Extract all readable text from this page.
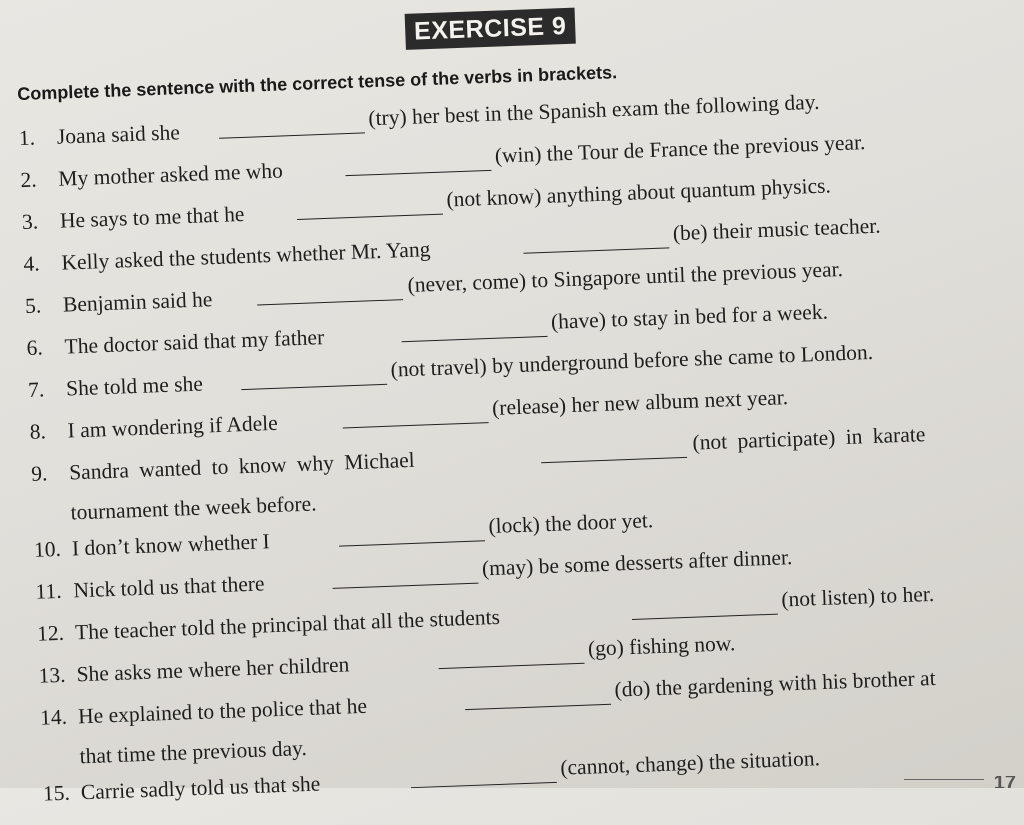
EXERCISE 9
Complete the sentence with the correct tense of the verbs in brackets.
1. Joana said she
(try) her best in the Spanish exam the following day.
2. My mother asked me who
(win) the Tour de France the previous year.
3. He says to me that he
(not know) anything about quantum physics.
4. Kelly asked the students whether Mr. Yang
(be) their music teacher.
5. Benjamin said he
(never, come) to Singapore until the previous year.
6. The doctor said that my father
(have) to stay in bed for a week.
7. She told me she
(not travel) by underground before she came to London.
8. I am wondering if Adele
(release) her new album next year.
9. Sandra wanted to know why Michael
(not participate) in karate
tournament the week before.
10. I don’t know whether I
(lock) the door yet.
11. Nick told us that there
(may) be some desserts after dinner.
12. The teacher told the principal that all the students
(not listen) to her.
13. She asks me where her children
(go) fishing now.
14. He explained to the police that he
(do) the gardening with his brother at
that time the previous day.
15. Carrie sadly told us that she
(cannot, change) the situation.
17
